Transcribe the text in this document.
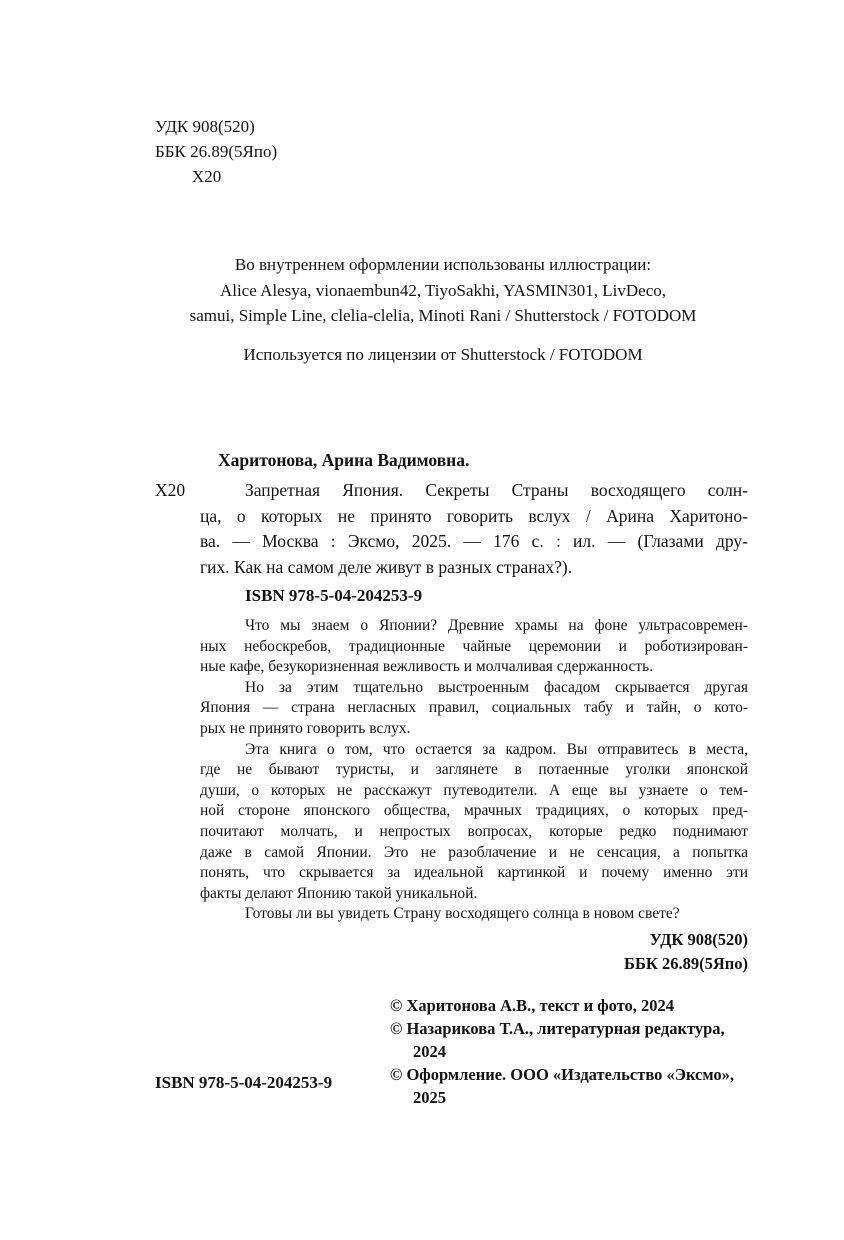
УДК 908(520)
ББК 26.89(5Япо)
Х20
Во внутреннем оформлении использованы иллюстрации:
Alice Alesya, vionaembun42, TiyoSakhi, YASMIN301, LivDeco,
samui, Simple Line, clelia-clelia, Minoti Rani / Shutterstock / FOTODOM
Используется по лицензии от Shutterstock / FOTODOM
Харитонова, Арина Вадимовна.
Х20	Запретная Япония. Секреты Страны восходящего солн-
ца, о которых не принято говорить вслух / Арина Харитоно-
ва. — Москва : Эксмо, 2025. — 176 с. : ил. — (Глазами дру-
гих. Как на самом деле живут в разных странах?).
ISBN 978-5-04-204253-9
Что мы знаем о Японии? Древние храмы на фоне ультрасовремен-
ных небоскребов, традиционные чайные церемонии и роботизирован-
ные кафе, безукоризненная вежливость и молчаливая сдержанность.
Но за этим тщательно выстроенным фасадом скрывается другая
Япония — страна негласных правил, социальных табу и тайн, о кото-
рых не принято говорить вслух.
Эта книга о том, что остается за кадром. Вы отправитесь в места,
где не бывают туристы, и заглянете в потаенные уголки японской
души, о которых не расскажут путеводители. А еще вы узнаете о тем-
ной стороне японского общества, мрачных традициях, о которых пред-
почитают молчать, и непростых вопросах, которые редко поднимают
даже в самой Японии. Это не разоблачение и не сенсация, а попытка
понять, что скрывается за идеальной картинкой и почему именно эти
факты делают Японию такой уникальной.
Готовы ли вы увидеть Страну восходящего солнца в новом свете?
УДК 908(520)
ББК 26.89(5Япо)
© Харитонова А.В., текст и фото, 2024
© Назарикова Т.А., литературная редактура,
2024
© Оформление. ООО «Издательство «Эксмо»,
2025
ISBN 978-5-04-204253-9
